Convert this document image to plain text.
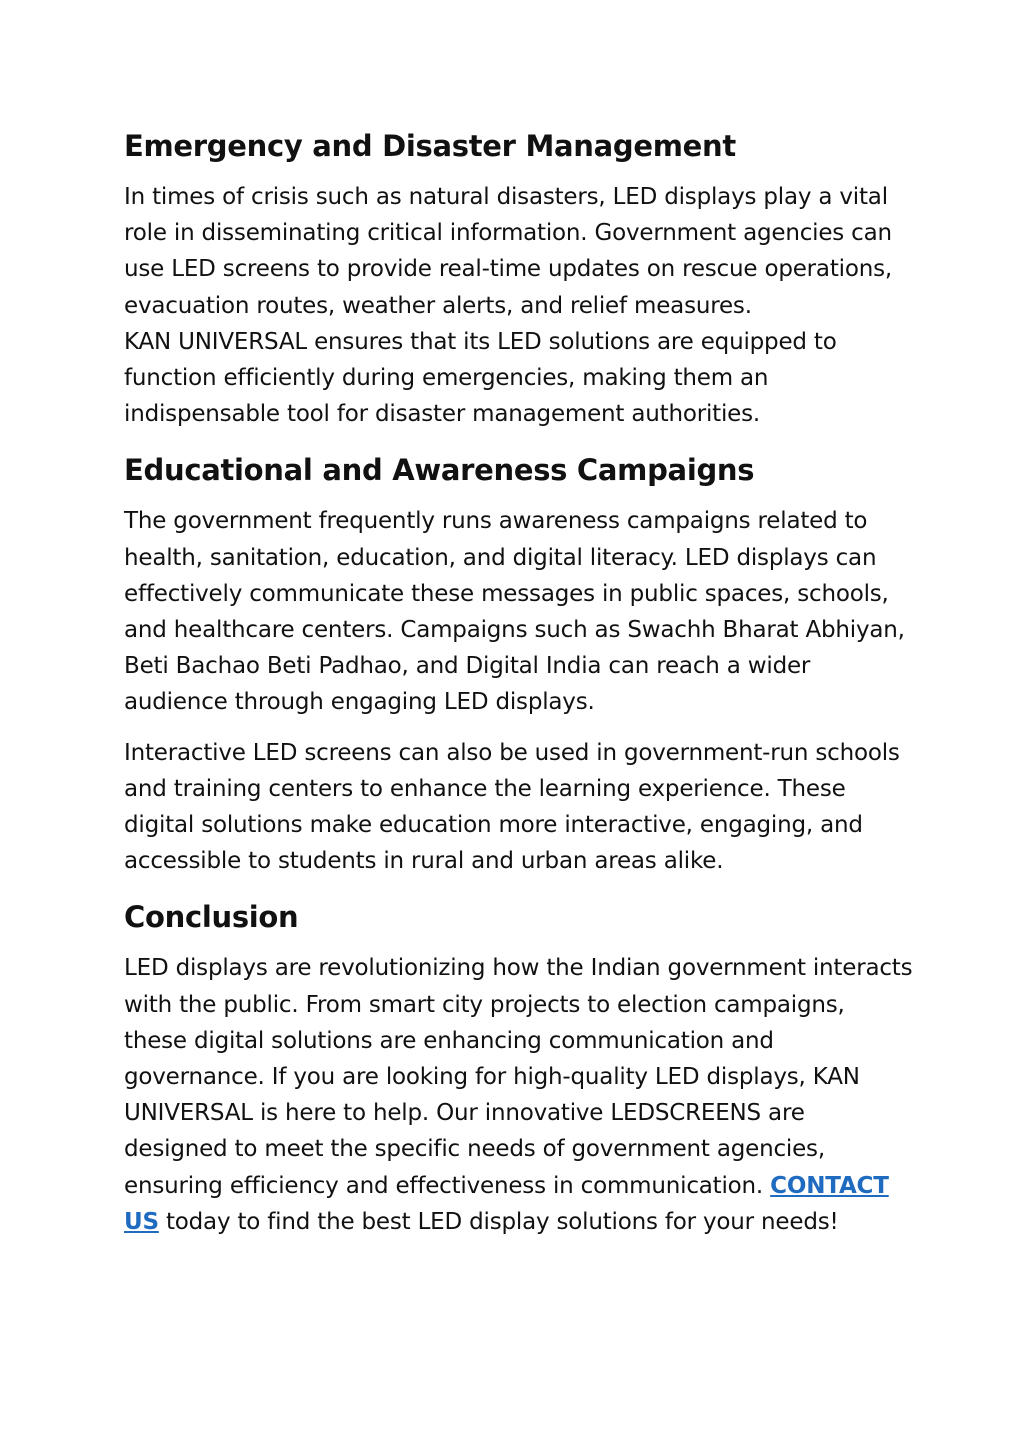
Emergency and Disaster Management

In times of crisis such as natural disasters, LED displays play a vital role in disseminating critical information. Government agencies can use LED screens to provide real-time updates on rescue operations, evacuation routes, weather alerts, and relief measures.

KAN UNIVERSAL ensures that its LED solutions are equipped to function efficiently during emergencies, making them an indispensable tool for disaster management authorities.

Educational and Awareness Campaigns

The government frequently runs awareness campaigns related to health, sanitation, education, and digital literacy. LED displays can effectively communicate these messages in public spaces, schools, and healthcare centers. Campaigns such as Swachh Bharat Abhiyan, Beti Bachao Beti Padhao, and Digital India can reach a wider audience through engaging LED displays.

Interactive LED screens can also be used in government-run schools and training centers to enhance the learning experience. These digital solutions make education more interactive, engaging, and accessible to students in rural and urban areas alike.

Conclusion

LED displays are revolutionizing how the Indian government interacts with the public. From smart city projects to election campaigns, these digital solutions are enhancing communication and governance. If you are looking for high-quality LED displays, KAN UNIVERSAL is here to help. Our innovative LEDSCREENS are designed to meet the specific needs of government agencies, ensuring efficiency and effectiveness in communication. CONTACT US today to find the best LED display solutions for your needs!
